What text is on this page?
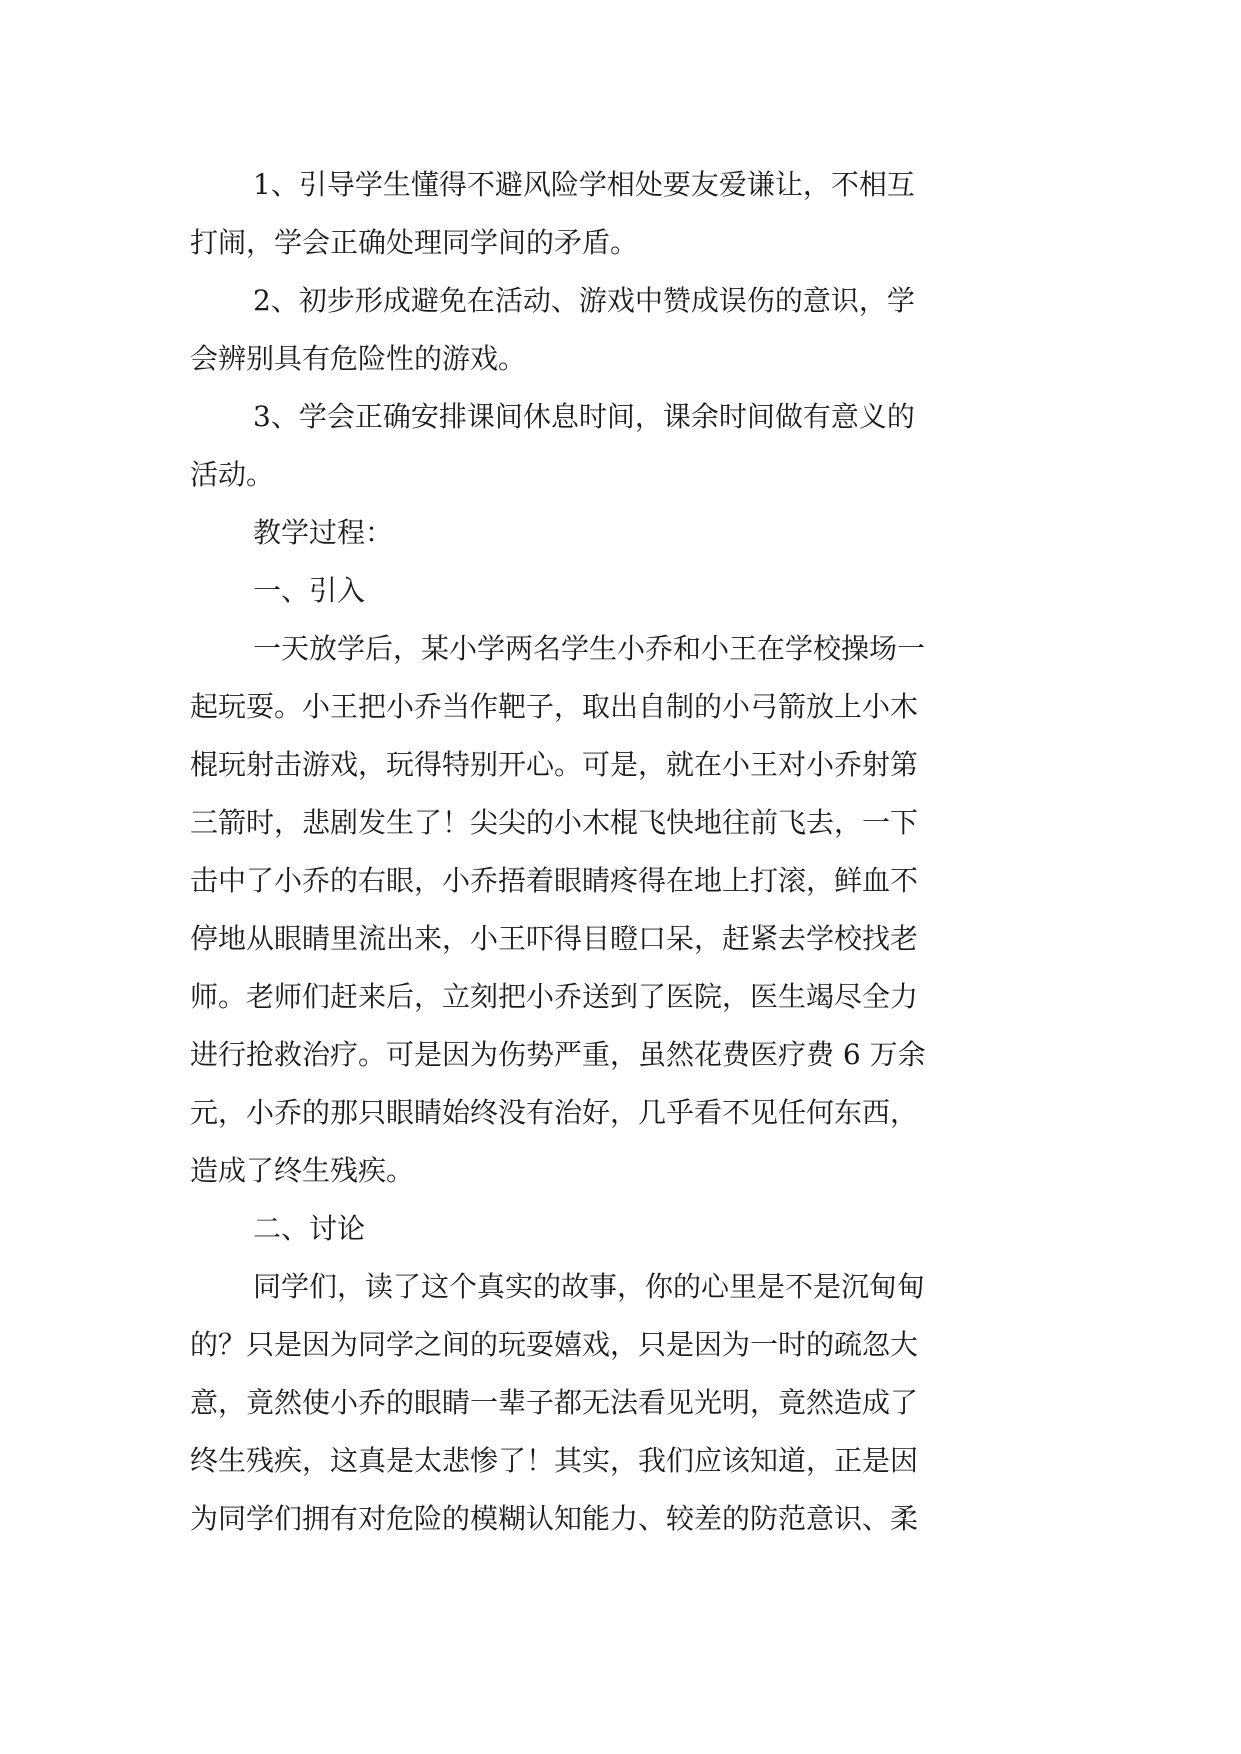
1、引导学生懂得不避风险学相处要友爱谦让，不相互
打闹，学会正确处理同学间的矛盾。
2、初步形成避免在活动、游戏中赞成误伤的意识，学
会辨别具有危险性的游戏。
3、学会正确安排课间休息时间，课余时间做有意义的
活动。
教学过程：
一、引入
一天放学后，某小学两名学生小乔和小王在学校操场一
起玩耍。小王把小乔当作靶子，取出自制的小弓箭放上小木
棍玩射击游戏，玩得特别开心。可是，就在小王对小乔射第
三箭时，悲剧发生了！尖尖的小木棍飞快地往前飞去，一下
击中了小乔的右眼，小乔捂着眼睛疼得在地上打滚，鲜血不
停地从眼睛里流出来，小王吓得目瞪口呆，赶紧去学校找老
师。老师们赶来后，立刻把小乔送到了医院，医生竭尽全力
进行抢救治疗。可是因为伤势严重，虽然花费医疗费 6 万余
元，小乔的那只眼睛始终没有治好，几乎看不见任何东西，
造成了终生残疾。
二、讨论
同学们，读了这个真实的故事，你的心里是不是沉甸甸
的？只是因为同学之间的玩耍嬉戏，只是因为一时的疏忽大
意，竟然使小乔的眼睛一辈子都无法看见光明，竟然造成了
终生残疾，这真是太悲惨了！其实，我们应该知道，正是因
为同学们拥有对危险的模糊认知能力、较差的防范意识、柔
